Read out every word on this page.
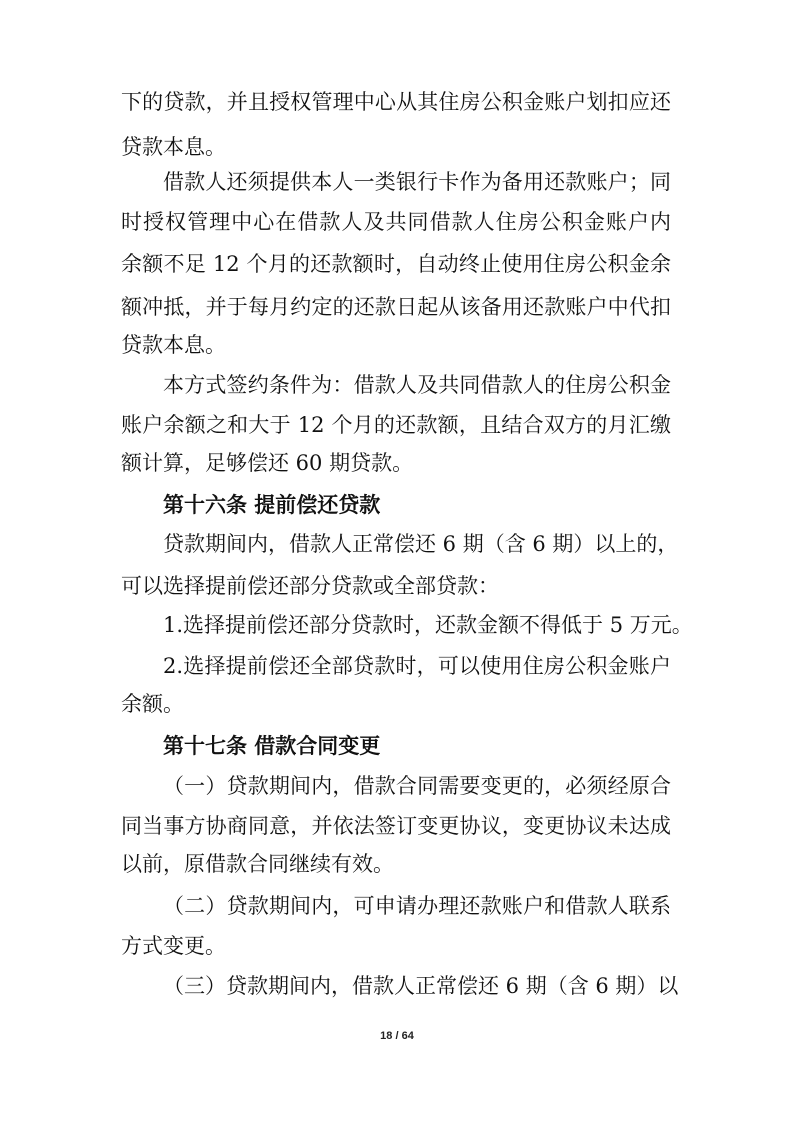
下的贷款，并且授权管理中心从其住房公积金账户划扣应还
贷款本息。
借款人还须提供本人一类银行卡作为备用还款账户；同
时授权管理中心在借款人及共同借款人住房公积金账户内
余额不足 12 个月的还款额时，自动终止使用住房公积金余
额冲抵，并于每月约定的还款日起从该备用还款账户中代扣
贷款本息。
本方式签约条件为：借款人及共同借款人的住房公积金
账户余额之和大于 12 个月的还款额，且结合双方的月汇缴
额计算，足够偿还 60 期贷款。
第十六条 提前偿还贷款
贷款期间内，借款人正常偿还 6 期（含 6 期）以上的，
可以选择提前偿还部分贷款或全部贷款：
1.选择提前偿还部分贷款时，还款金额不得低于 5 万元。
2.选择提前偿还全部贷款时，可以使用住房公积金账户
余额。
第十七条 借款合同变更
（一）贷款期间内，借款合同需要变更的，必须经原合
同当事方协商同意，并依法签订变更协议，变更协议未达成
以前，原借款合同继续有效。
（二）贷款期间内，可申请办理还款账户和借款人联系
方式变更。
（三）贷款期间内，借款人正常偿还 6 期（含 6 期）以
18 / 64
